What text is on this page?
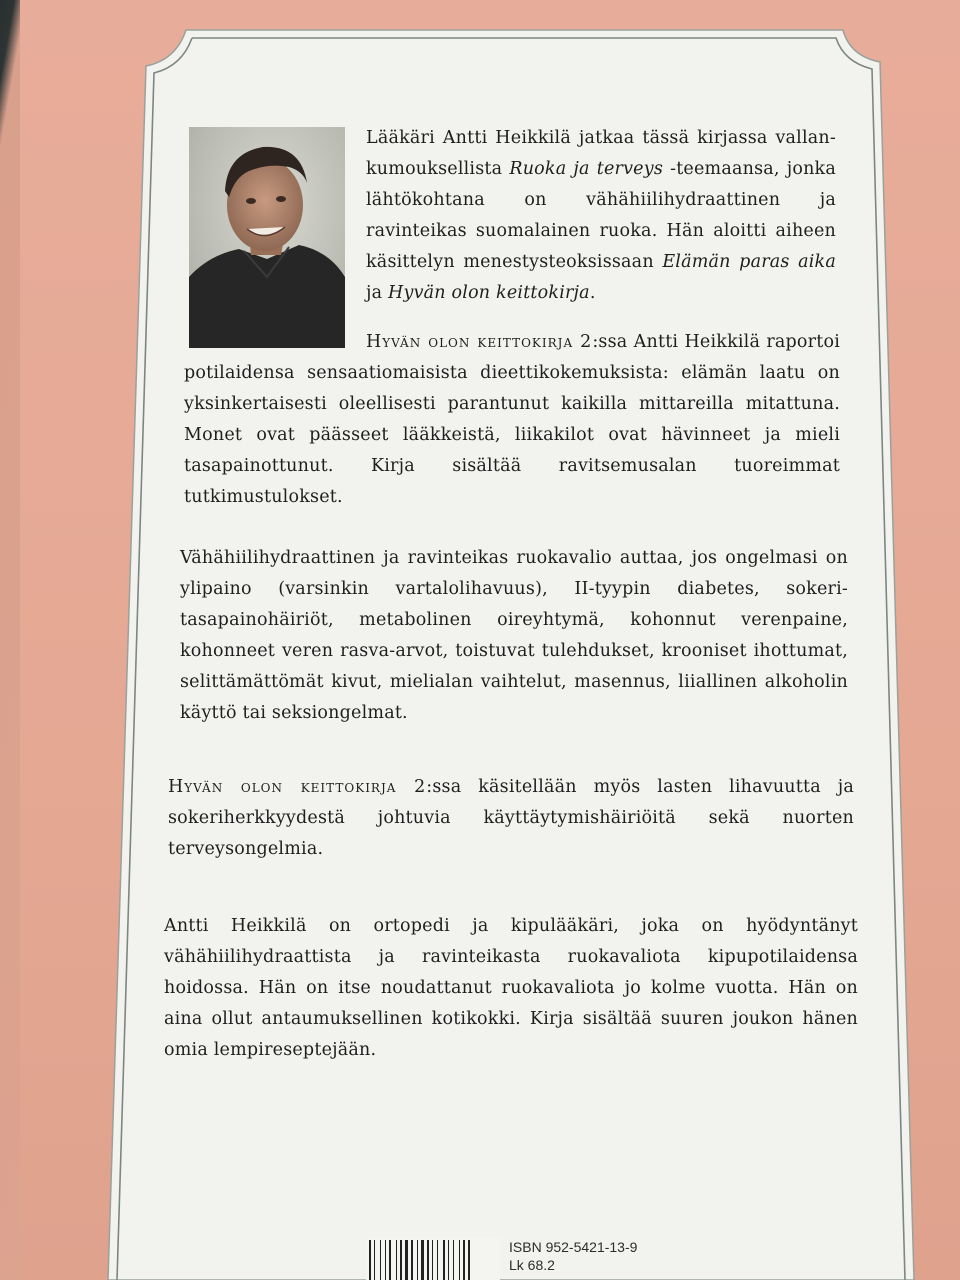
Lääkäri Antti Heikkilä jatkaa tässä kirjassa vallan-kumouksellista Ruoka ja terveys -teemaansa, jonka lähtökohtana on vähähiilihydraattinen ja ravinteikas suomalainen ruoka. Hän aloitti aiheen käsittelyn menestysteoksissaan Elämän paras aika ja Hyvän olon keittokirja.

Hyvän olon keittokirja 2:ssa Antti Heikkilä raportoi potilaidensa sensaatiomaisista dieettikokemuksista: elämän laatu on yksinkertaisesti oleellisesti parantunut kaikilla mittareilla mitattuna. Monet ovat päässeet lääkkeistä, liikakilot ovat hävinneet ja mieli tasapainottunut. Kirja sisältää ravitsemusalan tuoreimmat tutkimustulokset.

Vähähiilihydraattinen ja ravinteikas ruokavalio auttaa, jos ongelmasi on ylipaino (varsinkin vartalolihavuus), II-tyypin diabetes, sokeri-tasapainohäiriöt, metabolinen oireyhtymä, kohonnut verenpaine, kohonneet veren rasva-arvot, toistuvat tulehdukset, krooniset ihottumat, selittämättömät kivut, mielialan vaihtelut, masennus, liiallinen alkoholin käyttö tai seksiongelmat.

Hyvän olon keittokirja 2:ssa käsitellään myös lasten lihavuutta ja sokeriherkkyydestä johtuvia käyttäytymishäiriöitä sekä nuorten terveysongelmia.

Antti Heikkilä on ortopedi ja kipulääkäri, joka on hyödyntänyt vähähiilihydraattista ja ravinteikasta ruokavaliota kipupotilaidensa hoidossa. Hän on itse noudattanut ruokavaliota jo kolme vuotta. Hän on aina ollut antaumuksellinen kotikokki. Kirja sisältää suuren joukon hänen omia lempireseptejään.

ISBN 952-5421-13-9
Lk 68.2
